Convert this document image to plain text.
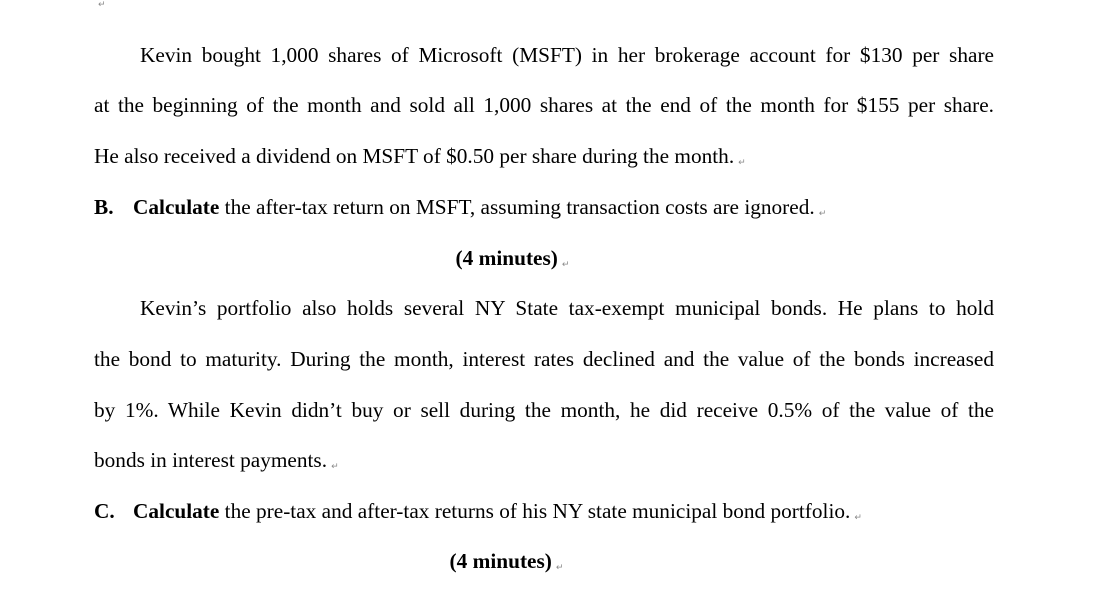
↵
Kevin bought 1,000 shares of Microsoft (MSFT) in her brokerage account for $130 per share
at the beginning of the month and sold all 1,000 shares at the end of the month for $155 per share.
He also received a dividend on MSFT of $0.50 per share during the month. ↵
B. Calculate the after-tax return on MSFT, assuming transaction costs are ignored. ↵
(4 minutes) ↵
Kevin’s portfolio also holds several NY State tax-exempt municipal bonds. He plans to hold
the bond to maturity. During the month, interest rates declined and the value of the bonds increased
by 1%. While Kevin didn’t buy or sell during the month, he did receive 0.5% of the value of the
bonds in interest payments. ↵
C. Calculate the pre-tax and after-tax returns of his NY state municipal bond portfolio. ↵
(4 minutes) ↵
